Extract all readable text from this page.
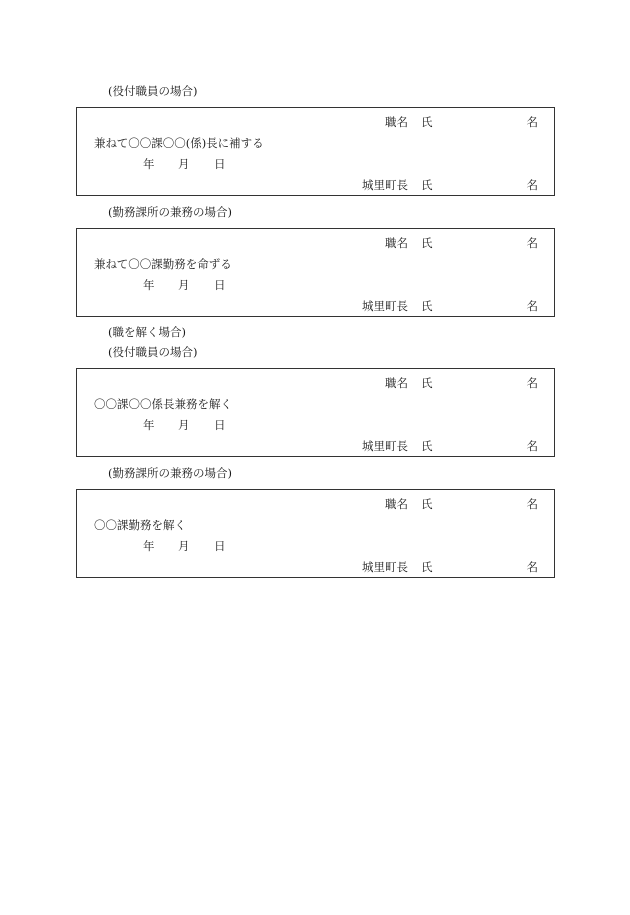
(役付職員の場合)
職名 氏	名
兼ねて〇〇課〇〇(係)長に補する
年 月 日
城里町長 氏	名
(勤務課所の兼務の場合)
職名 氏	名
兼ねて〇〇課勤務を命ずる
年 月 日
城里町長 氏	名
(職を解く場合)
(役付職員の場合)
職名 氏	名
〇〇課〇〇係長兼務を解く
年 月 日
城里町長 氏	名
(勤務課所の兼務の場合)
職名 氏	名
〇〇課勤務を解く
年 月 日
城里町長 氏	名
